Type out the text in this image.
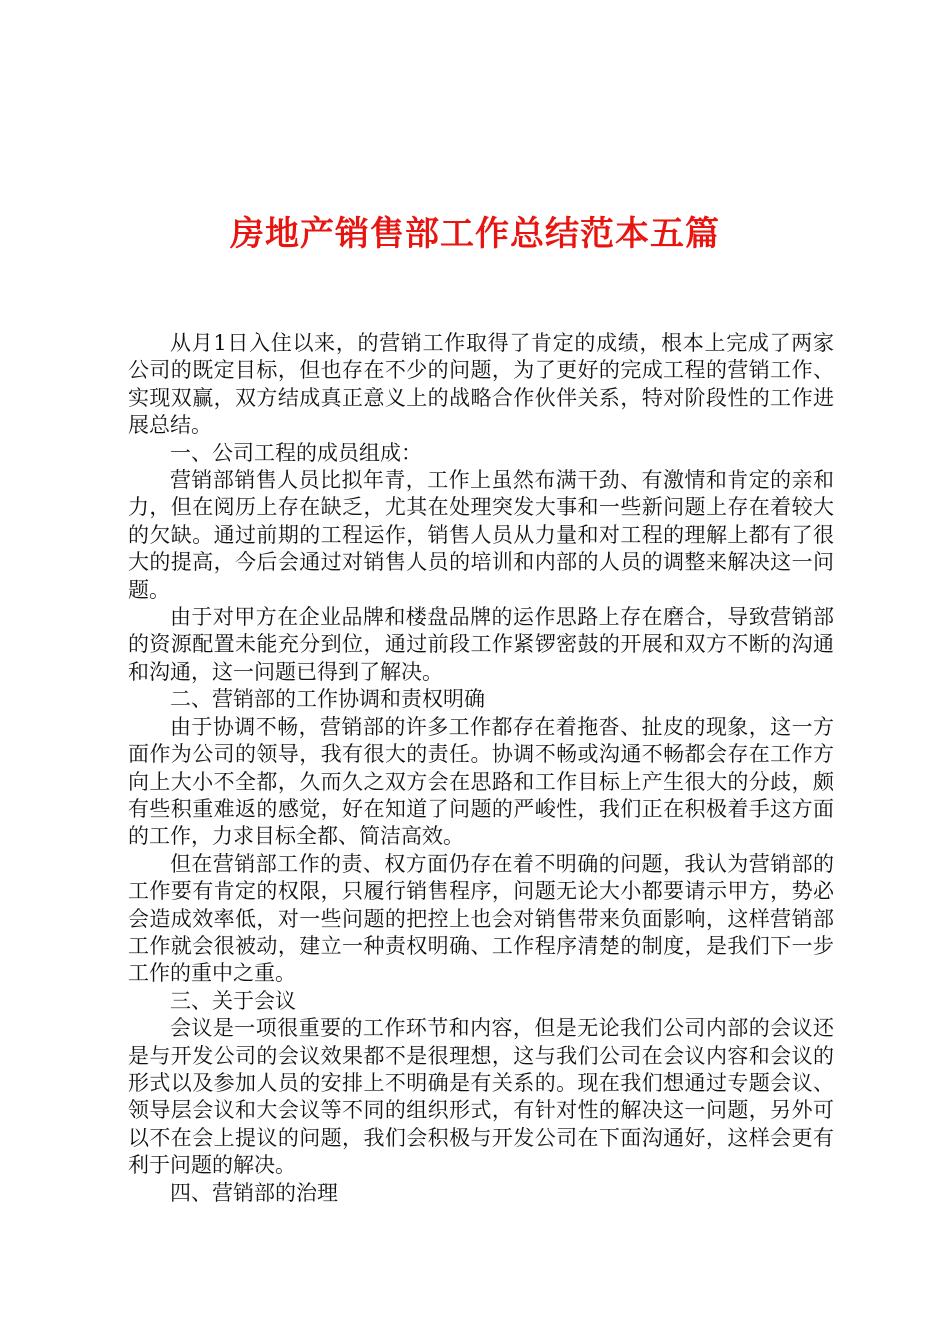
房地产销售部工作总结范本五篇

从月1日入住以来，的营销工作取得了肯定的成绩，根本上完成了两家公司的既定目标，但也存在不少的问题，为了更好的完成工程的营销工作、实现双赢，双方结成真正意义上的战略合作伙伴关系，特对阶段性的工作进展总结。

一、公司工程的成员组成：

营销部销售人员比拟年青，工作上虽然布满干劲、有激情和肯定的亲和力，但在阅历上存在缺乏，尤其在处理突发大事和一些新问题上存在着较大的欠缺。通过前期的工程运作，销售人员从力量和对工程的理解上都有了很大的提高，今后会通过对销售人员的培训和内部的人员的调整来解决这一问题。

由于对甲方在企业品牌和楼盘品牌的运作思路上存在磨合，导致营销部的资源配置未能充分到位，通过前段工作紧锣密鼓的开展和双方不断的沟通和沟通，这一问题已得到了解决。

二、营销部的工作协调和责权明确

由于协调不畅，营销部的许多工作都存在着拖沓、扯皮的现象，这一方面作为公司的领导，我有很大的责任。协调不畅或沟通不畅都会存在工作方向上大小不全都，久而久之双方会在思路和工作目标上产生很大的分歧，颇有些积重难返的感觉，好在知道了问题的严峻性，我们正在积极着手这方面的工作，力求目标全都、简洁高效。

但在营销部工作的责、权方面仍存在着不明确的问题，我认为营销部的工作要有肯定的权限，只履行销售程序，问题无论大小都要请示甲方，势必会造成效率低，对一些问题的把控上也会对销售带来负面影响，这样营销部工作就会很被动，建立一种责权明确、工作程序清楚的制度，是我们下一步工作的重中之重。

三、关于会议

会议是一项很重要的工作环节和内容，但是无论我们公司内部的会议还是与开发公司的会议效果都不是很理想，这与我们公司在会议内容和会议的形式以及参加人员的安排上不明确是有关系的。现在我们想通过专题会议、领导层会议和大会议等不同的组织形式，有针对性的解决这一问题，另外可以不在会上提议的问题，我们会积极与开发公司在下面沟通好，这样会更有利于问题的解决。

四、营销部的治理
